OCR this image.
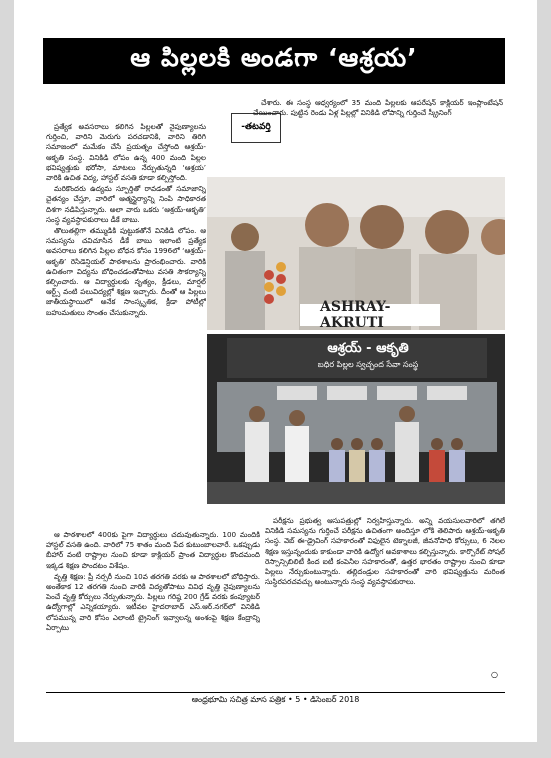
ఆ పిల్లలకి అండగా ‘ఆశ్రయ’

ప్రత్యేక అవసరాలు కలిగిన పిల్లలతో నైపుణ్యాలను గుర్తించి, వారిని మెరుగు పరచడానికి, వారిని తిరిగి సమాజంలో మమేకం చేసే ప్రయత్నం చేస్తోంది ఆశ్రయ్-ఆకృతి సంస్థ. వినికిడి లోపం ఉన్న 400 మంది పిల్లల భవిష్యత్తుకు భరోసా, మాటలు నేర్పుతున్నది ‘ఆశ్రయ’ వారికి ఉచిత విద్య, హాస్టల్ వసతి కూడా కల్పిస్తోంది.

మరికొందరు ఉద్యమ స్ఫూర్తితో రావడంతో సమాజాన్ని చైతన్యం చేస్తూ, వారిలో ఆత్మస్థైర్యాన్ని నింపి సాధికారత దిశగా నడిపిస్తున్నారు. అలా వారు ఒకరు ‘ఆశ్రయ్-ఆకృతి’ సంస్థ వ్యవస్థాపకురాలు డీకే బాబు.

తొలుతల్లిగా తమ్ముడికి పుట్టుకతోనే వినికిడి లోపం. ఆ సమస్యను చవిచూసిన డీకే బాబు ఇలాంటి ప్రత్యేక అవసరాలు కలిగిన పిల్లల బోధన కోసం 1996లో ‘ఆశ్రయ్-ఆకృతి’ రెసిడెన్షియల్ పాఠశాలను ప్రారంభించారు. వారికి ఉచితంగా విద్యను బోధించడంతోపాటు వసతి సౌకర్యాన్ని కల్పించారు. ఆ విద్యార్థులకు నృత్యం, క్రీడలు, మార్షల్ ఆర్ట్స్ వంటి పలువిద్యల్లో శిక్షణ ఇచ్చారు. దీంతో ఆ పిల్లలు జాతీయస్థాయిలో అనేక సాంస్కృతిక, క్రీడా పోటీల్లో బహుమతులు సొంతం చేసుకున్నారు.

-తటవర్తి

చేశారు. ఈ సంస్థ ఆధ్వర్యంలో 35 మంది పిల్లలకు ఆపరేషన్ కాక్లియర్ ఇంప్లాంటేషన్ చేయించారు. పుట్టిన రెండు ఏళ్ల పిల్లల్లో వినికిడి లోపాన్ని గుర్తించే స్క్రీనింగ్

ASHRAY-AKRUTI
ఆశ్రయ్ - ఆకృతి
బధిర పిల్లల స్వచ్ఛంద సేవా సంస్థ

ఆ పాఠశాలలో 400కు పైగా విద్యార్థులు చదువుతున్నారు. 100 మందికి హాస్టల్ వసతి ఉంది. వారిలో 75 శాతం మంది పేద కుటుంబాలవారే. ఒకప్పుడు బీహార్ వంటి రాష్ట్రాల నుంచి కూడా కాక్లియర్ ప్రాంత విద్యార్థుల కొందమంది ఇక్కడ శిక్షణ పొందటం విశేషం.

వృత్తి శిక్షణ: ప్రీ నర్సరీ నుంచి 10వ తరగతి వరకు ఆ పాఠశాలలో బోధిస్తారు. అంతేకాక 12 తరగతి నుంచి వారికి విద్యతోపాటు వివిధ వృత్తి నైపుణ్యాలను పెంచే వృత్తి కోర్సులు నేర్పుతున్నారు. పిల్లలు గరిష్ఠ 200 గ్రేడ్ వరకు కంప్యూటర్ ఉద్యోగాల్లో ఎన్నికయ్యారు. ఇటీవల హైదరాబాద్ ఎస్.ఆర్.నగర్‌లో వినికిడి లోపమున్న వారి కోసం ఎలాంటి ట్రైనింగ్ ఇవ్వాలన్న అంశంపై శిక్షణ కేంద్రాన్ని ఏర్పాటు

పరీక్షను ప్రభుత్వ ఆసుపత్రుల్లో నిర్వహిస్తున్నారు. అన్ని వయసులవారిలో తగిలే వినికిడి సమస్యను గుర్తించే పరీక్షను ఉచితంగా అందిస్తూ లోకి తెలిపారు ఆశ్రయ్-ఆకృతి సంస్థ. వెబ్ ఈ-డ్రైవింగ్ సహకారంతో విఫులైన టెక్నాలజీ, జీవనోపాధి కోర్సులు, 6 నెలల శిక్షణ ఇస్తున్నందుకు కాకుండా వారికి ఉద్యోగ అవకాశాలు కల్పిస్తున్నారు. కార్పొరేట్ సోషల్ రెస్పాన్సిబిలిటీ కింద ఐటీ కంపెనీల సహకారంతో, ఉత్తర భారతం రాష్ట్రాల నుంచి కూడా పిల్లలు నేర్చుకుంటున్నారు. తల్లిదండ్రుల సహకారంతో వారి భవిష్యత్తును మరింత సుస్థిరపరచవచ్చు అంటున్నారు సంస్థ వ్యవస్థాపకురాలు.

○
ఆంధ్రభూమి సచిత్ర మాస పత్రిక • 5 • డిసెంబర్ 2018
